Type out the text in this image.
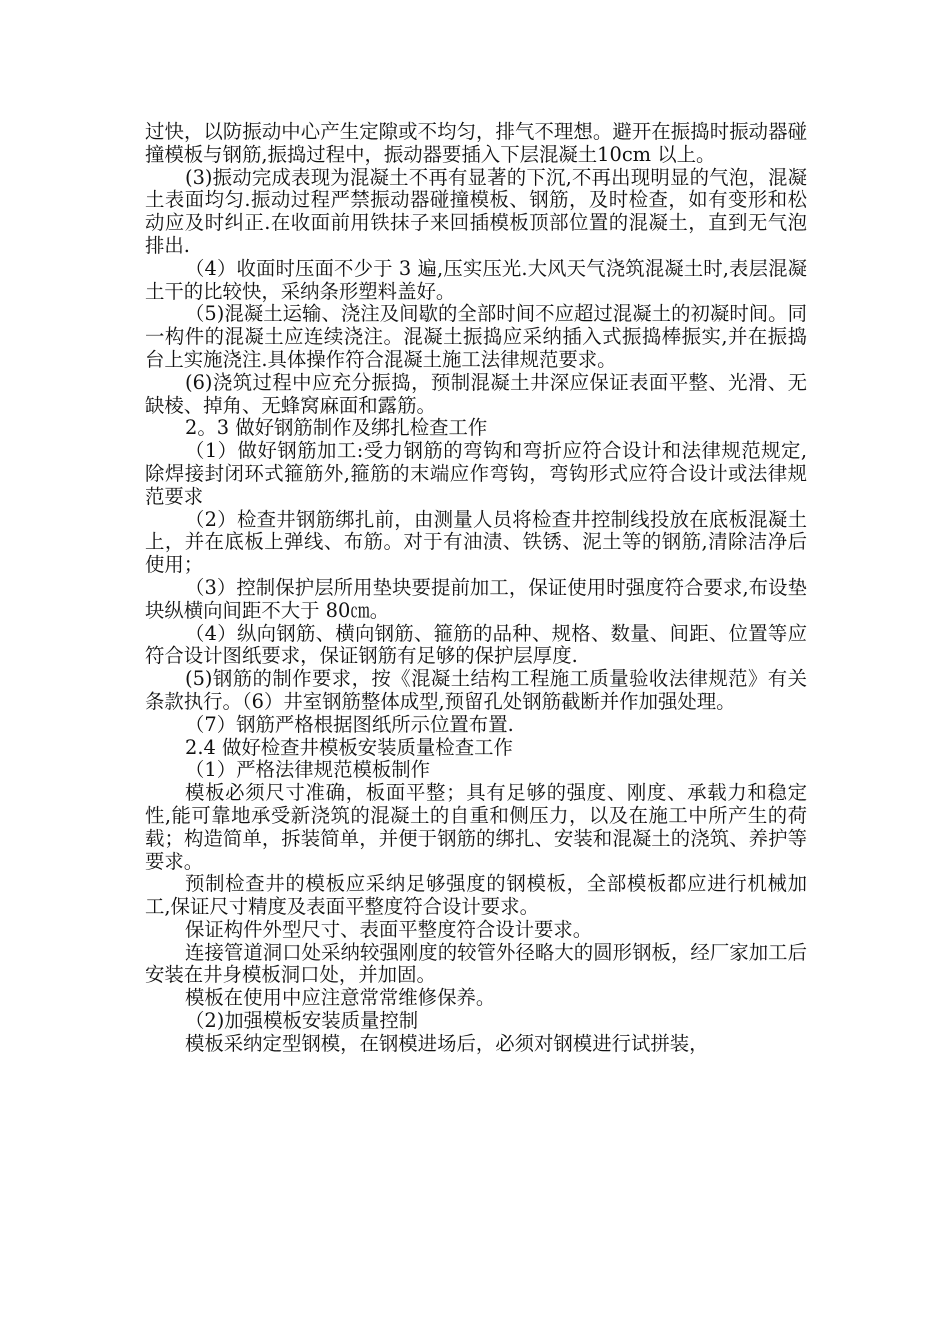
过快，以防振动中心产生定隙或不均匀，排气不理想。避开在振捣时振动器碰撞模板与钢筋,振捣过程中，振动器要插入下层混凝土10cm 以上。

(3)振动完成表现为混凝土不再有显著的下沉,不再出现明显的气泡，混凝土表面均匀.振动过程严禁振动器碰撞模板、钢筋，及时检查，如有变形和松动应及时纠正.在收面前用铁抹子来回插模板顶部位置的混凝土，直到无气泡排出.

（4）收面时压面不少于 3 遍,压实压光.大风天气浇筑混凝土时,表层混凝土干的比较快，采纳条形塑料盖好。

（5)混凝土运输、浇注及间歇的全部时间不应超过混凝土的初凝时间。同一构件的混凝土应连续浇注。混凝土振捣应采纳插入式振捣棒振实,并在振捣台上实施浇注.具体操作符合混凝土施工法律规范要求。

(6)浇筑过程中应充分振捣，预制混凝土井深应保证表面平整、光滑、无缺棱、掉角、无蜂窝麻面和露筋。

2。3 做好钢筋制作及绑扎检查工作

（1）做好钢筋加工:受力钢筋的弯钩和弯折应符合设计和法律规范规定,除焊接封闭环式箍筋外,箍筋的末端应作弯钩，弯钩形式应符合设计或法律规范要求

（2）检查井钢筋绑扎前，由测量人员将检查井控制线投放在底板混凝土上，并在底板上弹线、布筋。对于有油渍、铁锈、泥土等的钢筋,清除洁净后使用；

（3）控制保护层所用垫块要提前加工，保证使用时强度符合要求,布设垫块纵横向间距不大于 80㎝。

（4）纵向钢筋、横向钢筋、箍筋的品种、规格、数量、间距、位置等应符合设计图纸要求，保证钢筋有足够的保护层厚度.

(5)钢筋的制作要求，按《混凝土结构工程施工质量验收法律规范》有关条款执行。（6）井室钢筋整体成型,预留孔处钢筋截断并作加强处理。

（7）钢筋严格根据图纸所示位置布置.

2.4 做好检查井模板安装质量检查工作

（1）严格法律规范模板制作

模板必须尺寸准确，板面平整；具有足够的强度、刚度、承载力和稳定性,能可靠地承受新浇筑的混凝土的自重和侧压力，以及在施工中所产生的荷载；构造简单，拆装简单，并便于钢筋的绑扎、安装和混凝土的浇筑、养护等要求。

预制检查井的模板应采纳足够强度的钢模板，全部模板都应进行机械加工,保证尺寸精度及表面平整度符合设计要求。

保证构件外型尺寸、表面平整度符合设计要求。

连接管道洞口处采纳较强刚度的较管外径略大的圆形钢板，经厂家加工后安装在井身模板洞口处，并加固。

模板在使用中应注意常常维修保养。

（2)加强模板安装质量控制

模板采纳定型钢模，在钢模进场后，必须对钢模进行试拼装，
